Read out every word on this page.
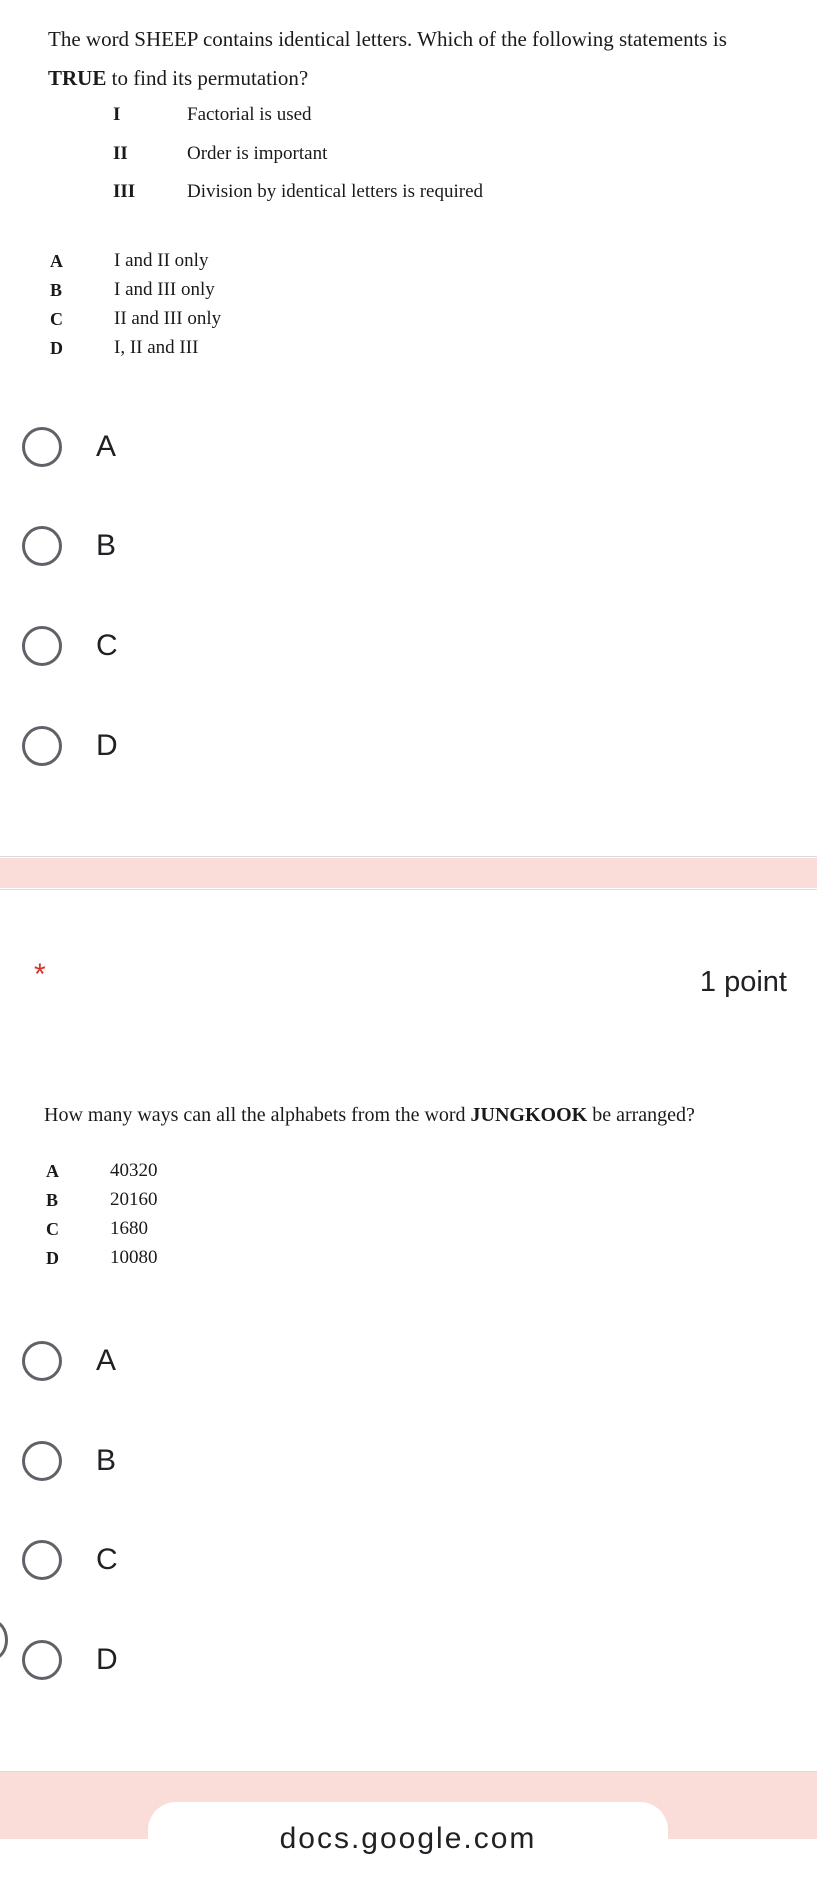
The word SHEEP contains identical letters. Which of the following statements is
TRUE to find its permutation?
I	Factorial is used
II	Order is important
III	Division by identical letters is required
A	I and II only
B	I and III only
C	II and III only
D	I, II and III
A
B
C
D
*	1 point
How many ways can all the alphabets from the word JUNGKOOK be arranged?
A	40320
B	20160
C	1680
D	10080
A
B
C
D
docs.google.com
